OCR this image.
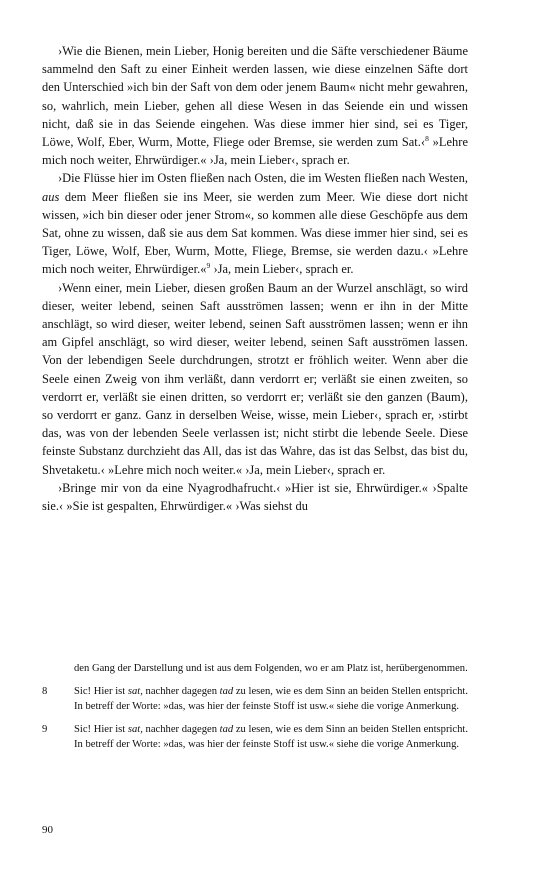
›Wie die Bienen, mein Lieber, Honig bereiten und die Säfte verschiedener Bäume sammelnd den Saft zu einer Einheit werden lassen, wie diese einzelnen Säfte dort den Unterschied »ich bin der Saft von dem oder jenem Baum« nicht mehr gewahren, so, wahrlich, mein Lieber, gehen all diese Wesen in das Seiende ein und wissen nicht, daß sie in das Seiende eingehen. Was diese immer hier sind, sei es Tiger, Löwe, Wolf, Eber, Wurm, Motte, Fliege oder Bremse, sie werden zum Sat.‹$^8$ »Lehre mich noch weiter, Ehrwürdiger.« ›Ja, mein Lieber‹, sprach er.

›Die Flüsse hier im Osten fließen nach Osten, die im Westen fließen nach Westen, aus dem Meer fließen sie ins Meer, sie werden zum Meer. Wie diese dort nicht wissen, »ich bin dieser oder jener Strom«, so kommen alle diese Geschöpfe aus dem Sat, ohne zu wissen, daß sie aus dem Sat kommen. Was diese immer hier sind, sei es Tiger, Löwe, Wolf, Eber, Wurm, Motte, Fliege, Bremse, sie werden dazu.‹ »Lehre mich noch weiter, Ehrwürdiger.«$^9$ ›Ja, mein Lieber‹, sprach er.

›Wenn einer, mein Lieber, diesen großen Baum an der Wurzel anschlägt, so wird dieser, weiter lebend, seinen Saft ausströmen lassen; wenn er ihn in der Mitte anschlägt, so wird dieser, weiter lebend, seinen Saft ausströmen lassen; wenn er ihn am Gipfel anschlägt, so wird dieser, weiter lebend, seinen Saft ausströmen lassen. Von der lebendigen Seele durchdrungen, strotzt er fröhlich weiter. Wenn aber die Seele einen Zweig von ihm verläßt, dann verdorrt er; verläßt sie einen zweiten, so verdorrt er, verläßt sie einen dritten, so verdorrt er; verläßt sie den ganzen (Baum), so verdorrt er ganz. Ganz in derselben Weise, wisse, mein Lieber‹, sprach er, ›stirbt das, was von der lebenden Seele verlassen ist; nicht stirbt die lebende Seele. Diese feinste Substanz durchzieht das All, das ist das Wahre, das ist das Selbst, das bist du, Shvetaketu.‹ »Lehre mich noch weiter.« ›Ja, mein Lieber‹, sprach er.

›Bringe mir von da eine Nyagrodhafrucht.‹ »Hier ist sie, Ehrwürdiger.« ›Spalte sie.‹ »Sie ist gespalten, Ehrwürdiger.« ›Was siehst du

den Gang der Darstellung und ist aus dem Folgenden, wo er am Platz ist, herübergenommen.
8	Sic! Hier ist sat, nachher dagegen tad zu lesen, wie es dem Sinn an beiden Stellen entspricht. In betreff der Worte: »das, was hier der feinste Stoff ist usw.« siehe die vorige Anmerkung.
9	Sic! Hier ist sat, nachher dagegen tad zu lesen, wie es dem Sinn an beiden Stellen entspricht. In betreff der Worte: »das, was hier der feinste Stoff ist usw.« siehe die vorige Anmerkung.
90
